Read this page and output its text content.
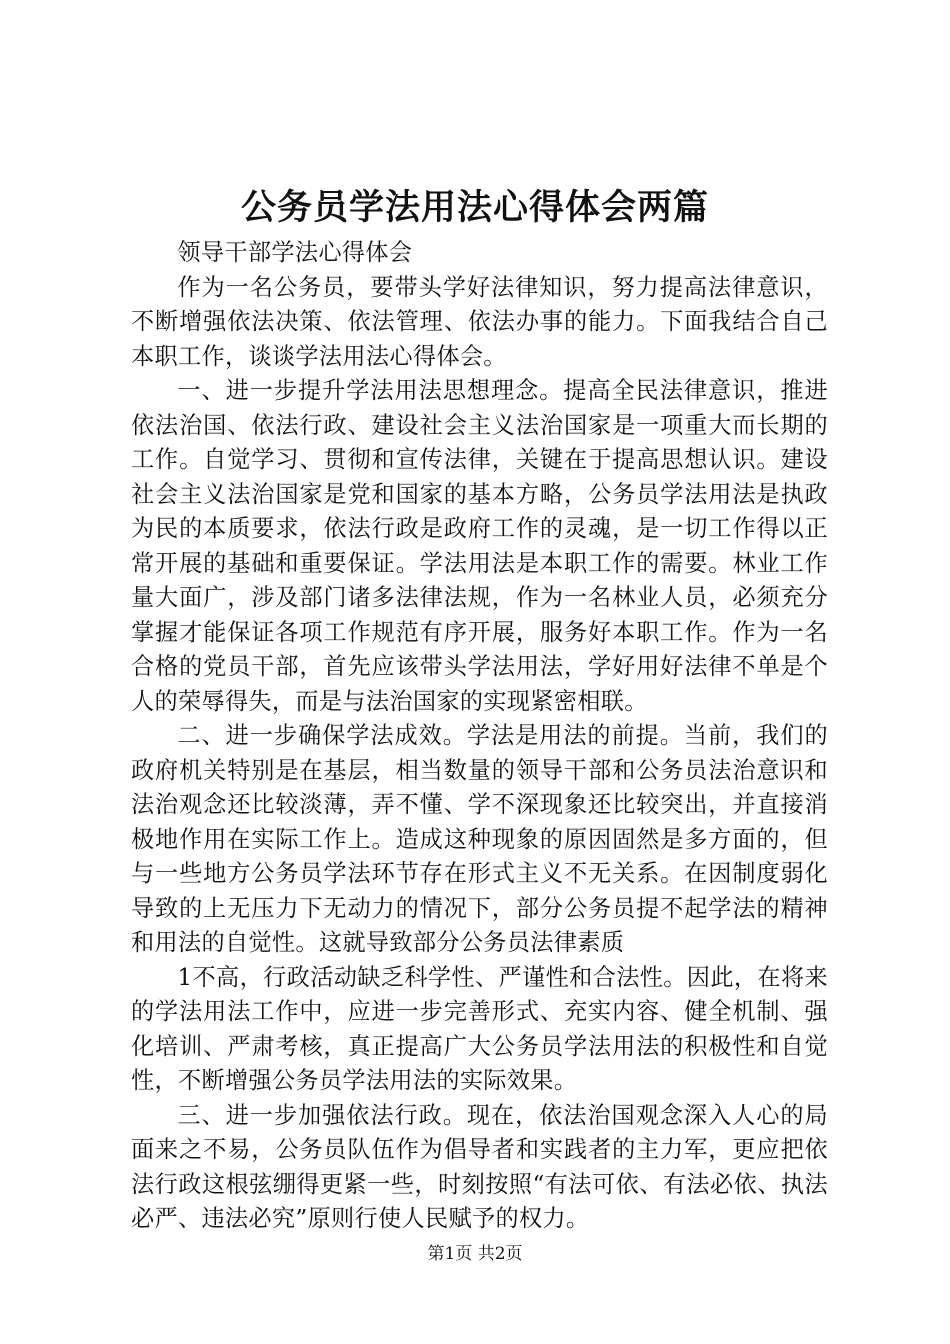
公务员学法用法心得体会两篇

领导干部学法心得体会

作为一名公务员，要带头学好法律知识，努力提高法律意识，不断增强依法决策、依法管理、依法办事的能力。下面我结合自己本职工作，谈谈学法用法心得体会。

一、进一步提升学法用法思想理念。提高全民法律意识，推进依法治国、依法行政、建设社会主义法治国家是一项重大而长期的工作。自觉学习、贯彻和宣传法律，关键在于提高思想认识。建设社会主义法治国家是党和国家的基本方略，公务员学法用法是执政为民的本质要求，依法行政是政府工作的灵魂，是一切工作得以正常开展的基础和重要保证。学法用法是本职工作的需要。林业工作量大面广，涉及部门诸多法律法规，作为一名林业人员，必须充分掌握才能保证各项工作规范有序开展，服务好本职工作。作为一名合格的党员干部，首先应该带头学法用法，学好用好法律不单是个人的荣辱得失，而是与法治国家的实现紧密相联。

二、进一步确保学法成效。学法是用法的前提。当前，我们的政府机关特别是在基层，相当数量的领导干部和公务员法治意识和法治观念还比较淡薄，弄不懂、学不深现象还比较突出，并直接消极地作用在实际工作上。造成这种现象的原因固然是多方面的，但与一些地方公务员学法环节存在形式主义不无关系。在因制度弱化导致的上无压力下无动力的情况下，部分公务员提不起学法的精神和用法的自觉性。这就导致部分公务员法律素质

1不高，行政活动缺乏科学性、严谨性和合法性。因此，在将来的学法用法工作中，应进一步完善形式、充实内容、健全机制、强化培训、严肃考核，真正提高广大公务员学法用法的积极性和自觉性，不断增强公务员学法用法的实际效果。

三、进一步加强依法行政。现在，依法治国观念深入人心的局面来之不易，公务员队伍作为倡导者和实践者的主力军，更应把依法行政这根弦绷得更紧一些，时刻按照“有法可依、有法必依、执法必严、违法必究”原则行使人民赋予的权力。

第1页 共2页
